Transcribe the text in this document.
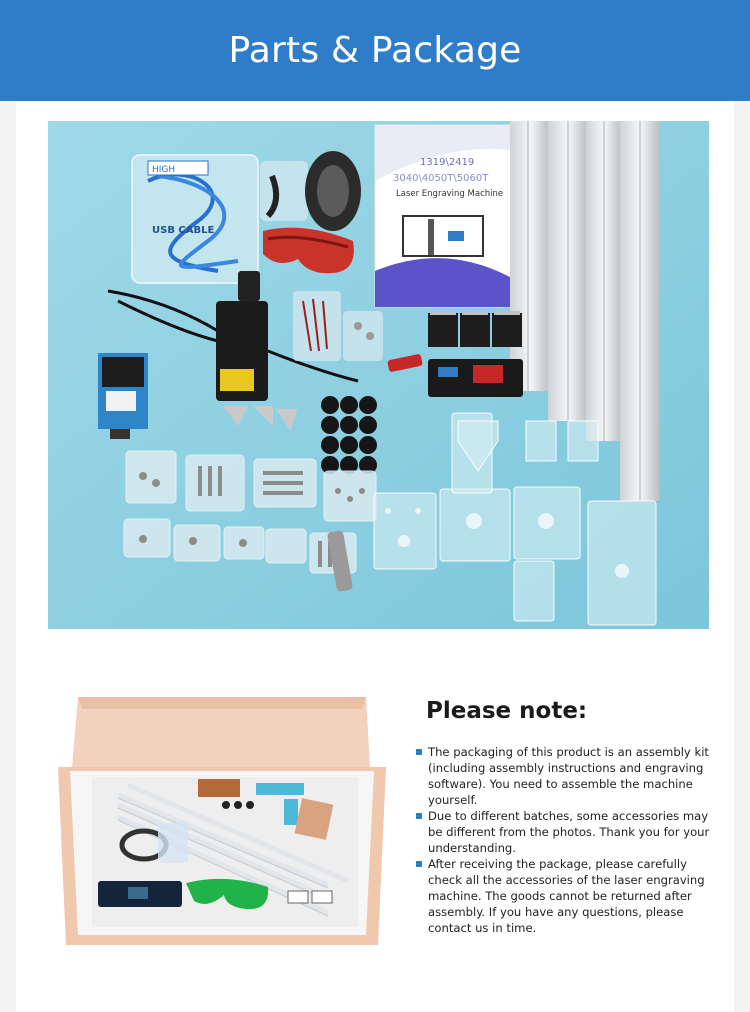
Parts & Package
HIGH
USB CABLE
1319\2419
3040\4050T\5060T
Laser Engraving Machine
Please note:
The packaging of this product is an assembly kit (including assembly instructions and engraving software). You need to assemble the machine yourself.
Due to different batches, some accessories may be different from the photos. Thank you for your understanding.
After receiving the package, please carefully check all the accessories of the laser engraving machine. The goods cannot be returned after assembly. If you have any questions, please contact us in time.
